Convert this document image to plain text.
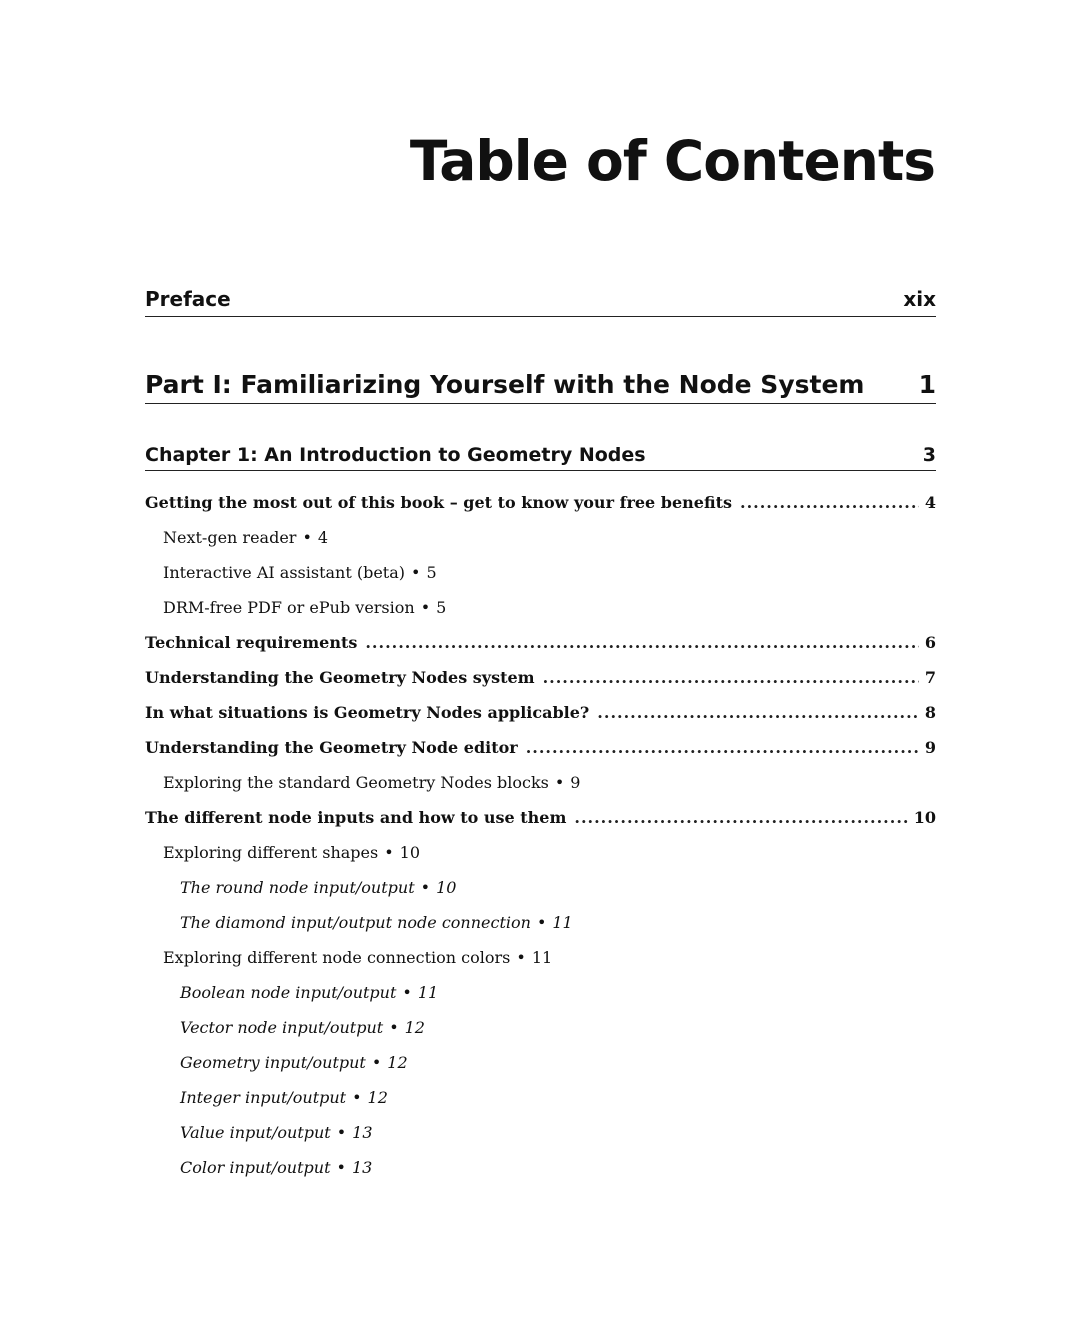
Table of Contents
Preface	xix
Part I: Familiarizing Yourself with the Node System 1
Chapter 1: An Introduction to Geometry Nodes	3
Getting the most out of this book – get to know your free benefits .....	4
Next-gen reader • 4
Interactive AI assistant (beta) • 5
DRM-free PDF or ePub version • 5
Technical requirements .....	6
Understanding the Geometry Nodes system .....	7
In what situations is Geometry Nodes applicable? .....	8
Understanding the Geometry Node editor .....	9
Exploring the standard Geometry Nodes blocks • 9
The different node inputs and how to use them .....	10
Exploring different shapes • 10
The round node input/output • 10
The diamond input/output node connection • 11
Exploring different node connection colors • 11
Boolean node input/output • 11
Vector node input/output • 12
Geometry input/output • 12
Integer input/output • 12
Value input/output • 13
Color input/output • 13
